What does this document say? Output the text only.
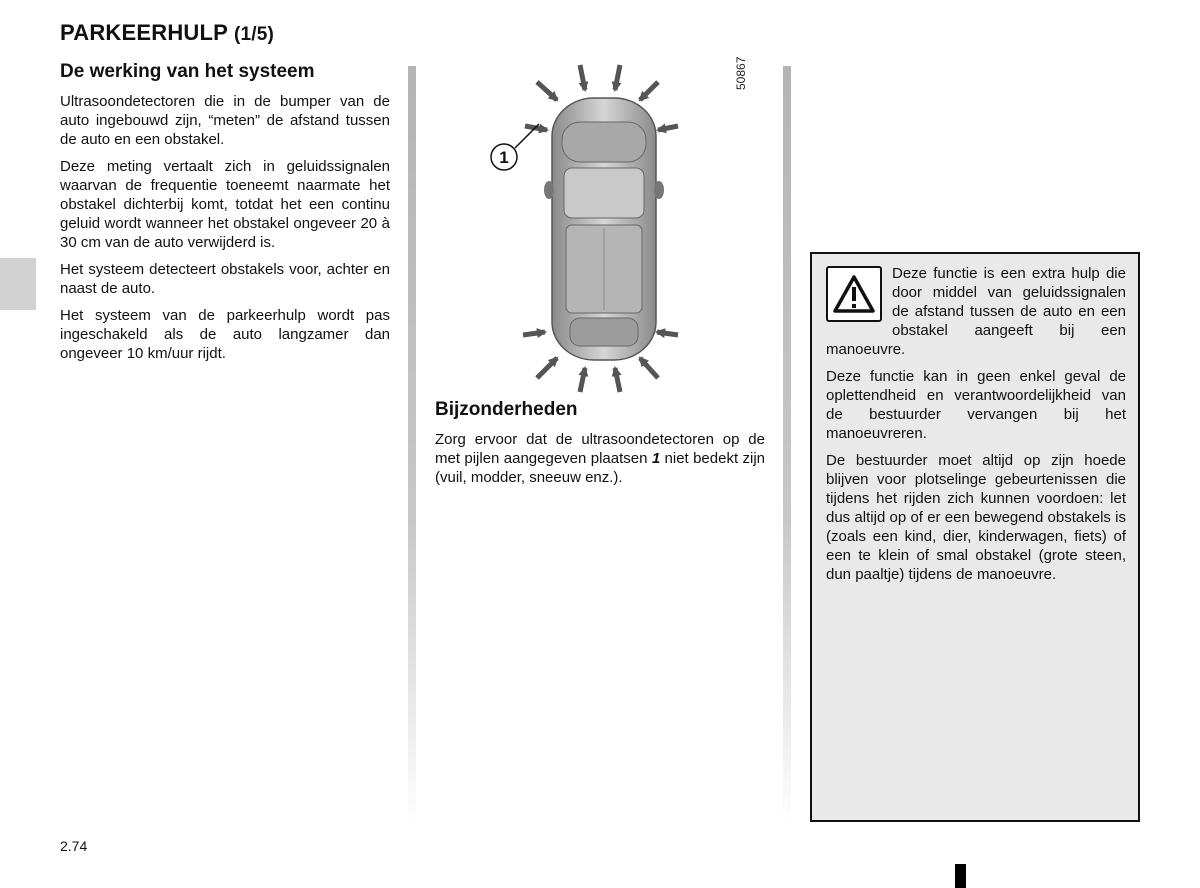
PARKEERHULP (1/5)
De werking van het systeem

Ultrasoondetectoren die in de bumper van de auto ingebouwd zijn, “meten” de afstand tussen de auto en een obstakel.

Deze meting vertaalt zich in geluidssignalen waarvan de frequentie toeneemt naarmate het obstakel dichterbij komt, totdat het een continu geluid wordt wanneer het obstakel ongeveer 20 à 30 cm van de auto verwijderd is.

Het systeem detecteert obstakels voor, achter en naast de auto.

Het systeem van de parkeerhulp wordt pas ingeschakeld als de auto langzamer dan ongeveer 10 km/uur rijdt.

1
50867
Bijzonderheden

Zorg ervoor dat de ultrasoondetectoren op de met pijlen aangegeven plaatsen 1 niet bedekt zijn (vuil, modder, sneeuw enz.).

Deze functie is een extra hulp die door middel van geluidssignalen de afstand tussen de auto en een obstakel aangeeft bij een manoeuvre.

Deze functie kan in geen enkel geval de oplettendheid en verantwoordelijkheid van de bestuurder vervangen bij het manoeuvreren.

De bestuurder moet altijd op zijn hoede blijven voor plotselinge gebeurtenissen die tijdens het rijden zich kunnen voordoen: let dus altijd op of er een bewegend obstakels is (zoals een kind, dier, kinderwagen, fiets) of een te klein of smal obstakel (grote steen, dun paaltje) tijdens de manoeuvre.

2.74
